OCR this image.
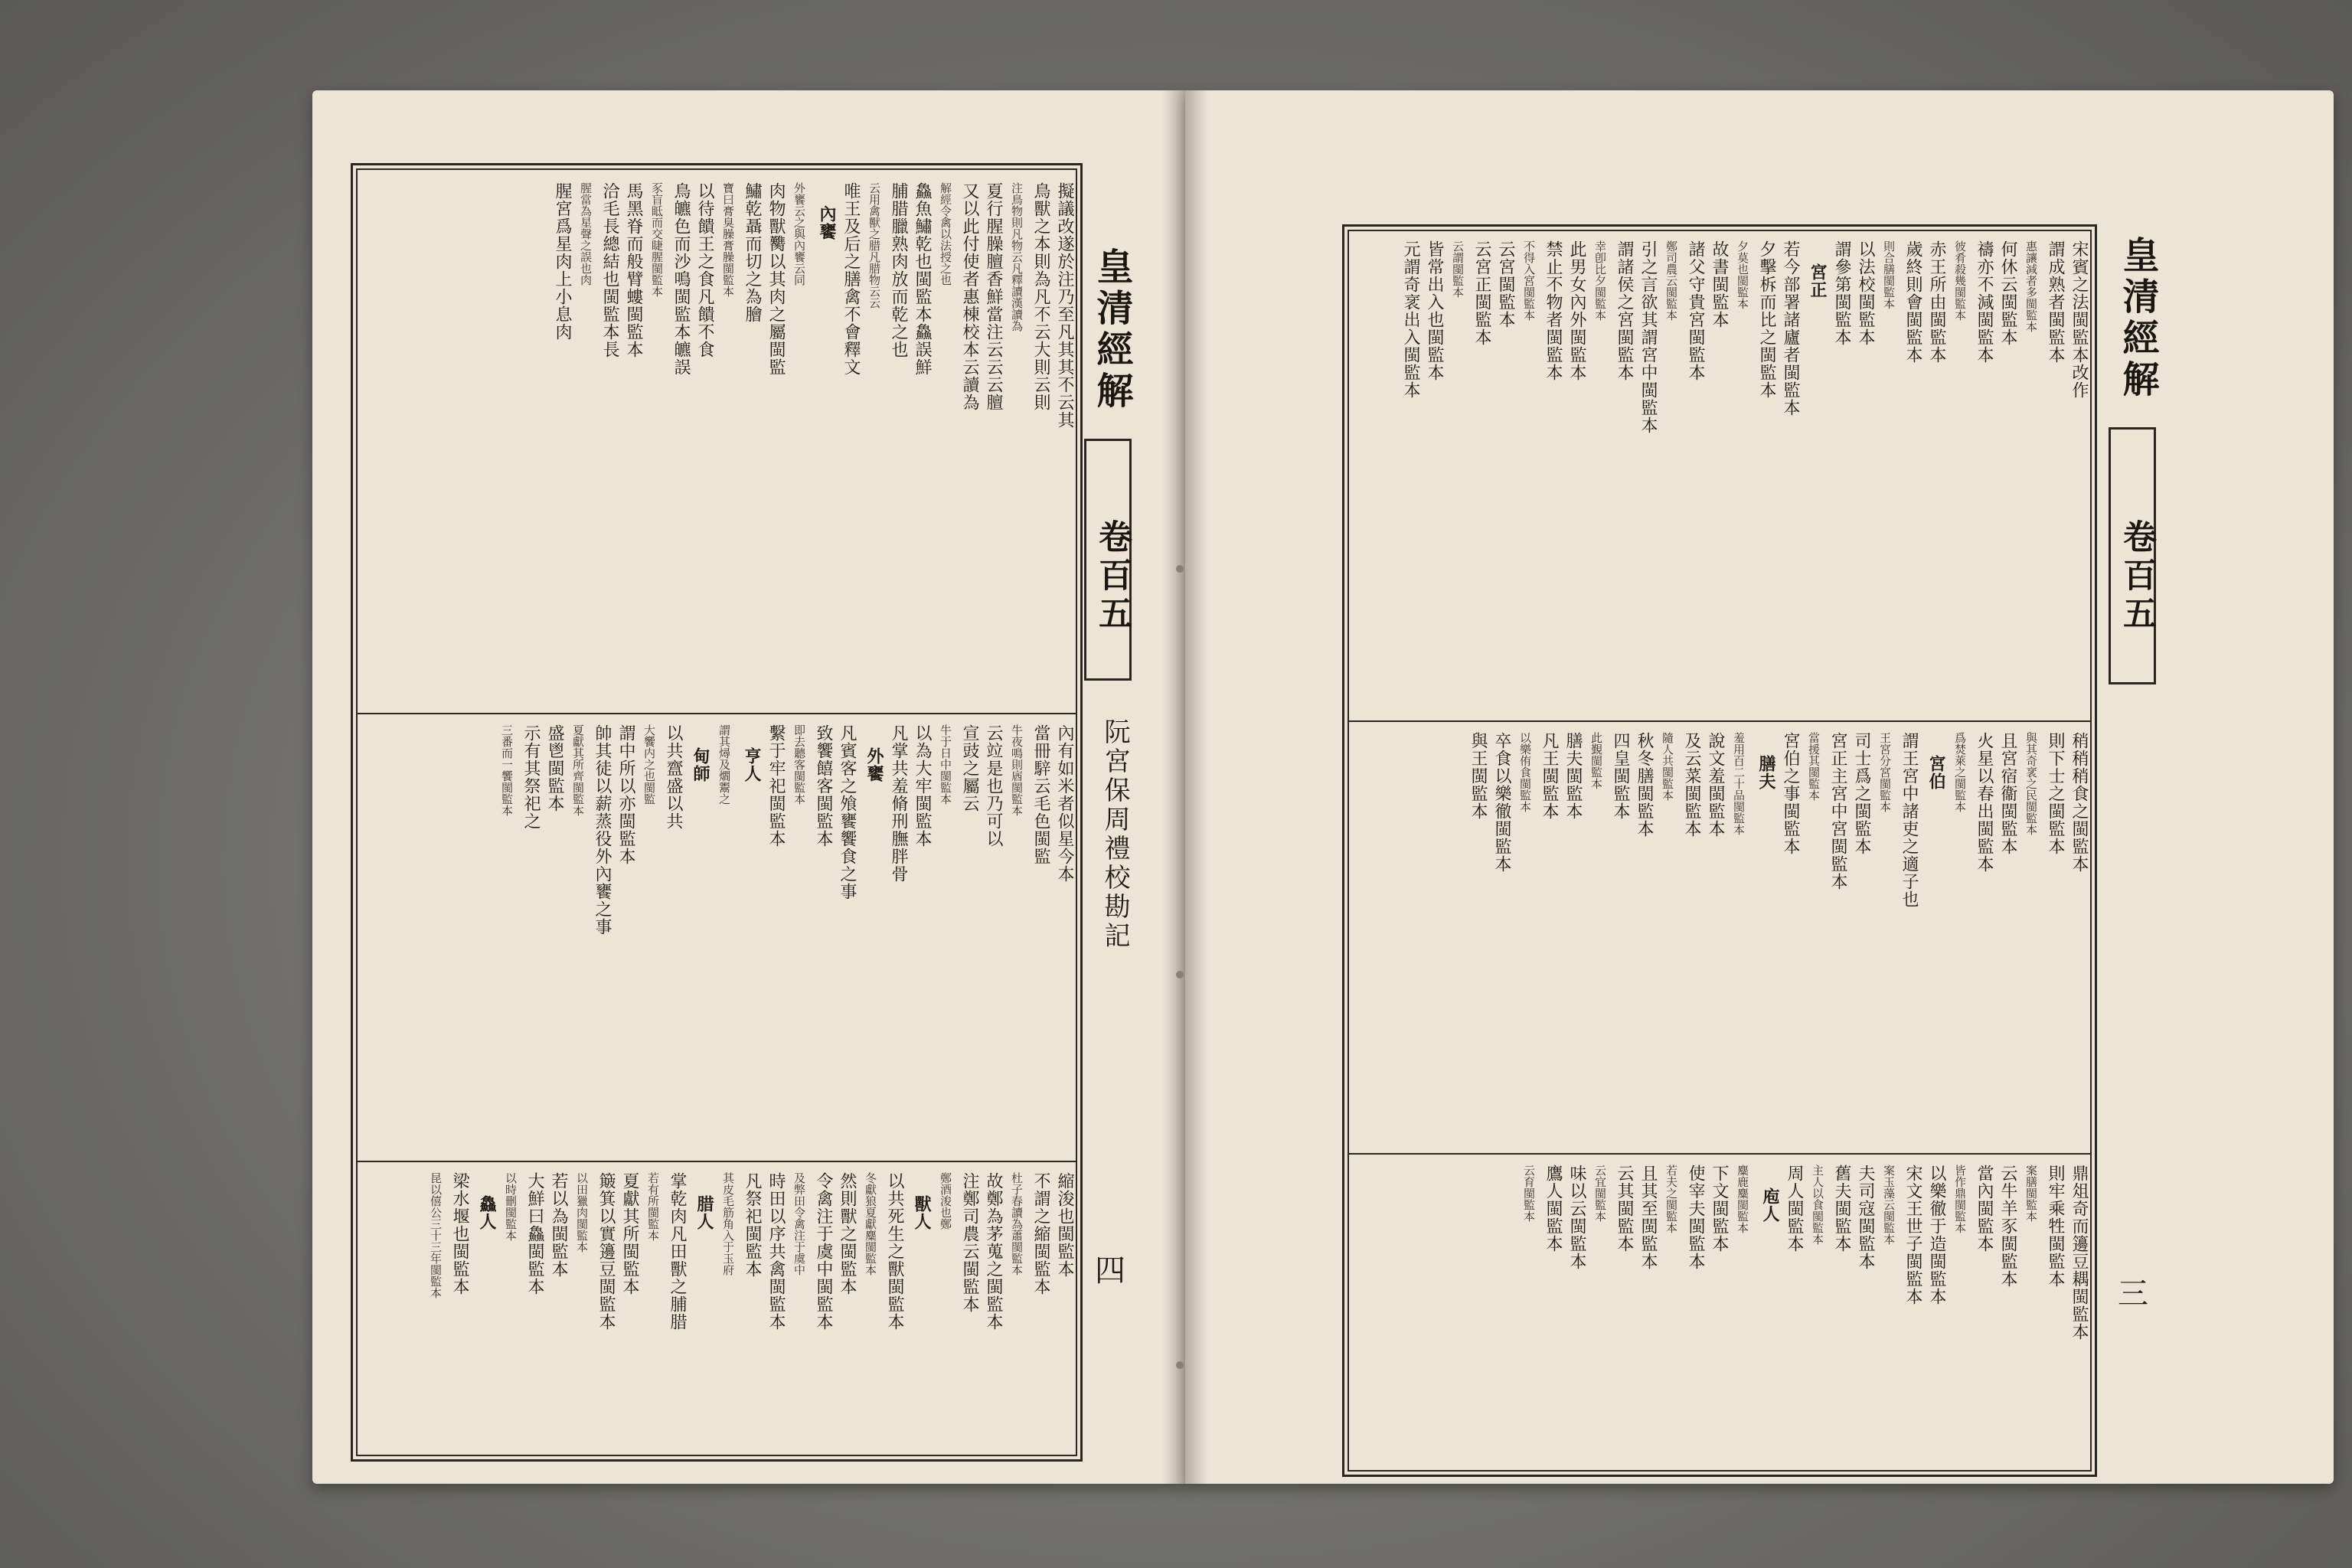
皇清經解
卷百五
阮宮保周禮校勘記
四
擬議改遂於注乃至凡其其不云其
鳥獸之本則為凡不云大則云則
注鳥物則凡物云凡釋讀漢讀為
夏行腥臊膻香鮮當注云云云膻
又以此付使者惠棟校本云讀為
解經令禽以法授之也
鱻魚鱐乾也閩監本鱻誤鮮
脯腊臘熟肉放而乾之也
云用禽獸之腊凡腊物云云
唯王及后之膳禽不會釋文
內饔
外饔云之與內饔云同
肉物獸臡以其肉之屬閩監
鱐乾聶而切之為膾
寶曰膏臭臊膏臊閩監本
以待饋王之食凡饋不食
鳥皫色而沙鳴閩監本皫誤
豕盲眡而交睫腥閩監本
馬黑脊而般臂螻閩監本
洽毛長總結也閩監本長
腥當為星聲之誤也肉
腥宮爲星肉上小息肉
內有如米者似星今本
當冊騂云毛色閩監
牛夜鳴則庮閩監本
云竝是也乃可以
宣豉之屬云
牛于日中閩監本
以為大牢閩監本
凡掌共羞脩刑膴胖骨
外饔
凡賓客之飧饔饗食之事
致饗饎客閩監本
即去聽客閩監本
繫于牢祀閩監本
亨人
謂其燖及爓鬻之
甸師
以共齍盛以共
大饗内之也閩監
謂中所以亦閩監本
帥其徒以薪蒸役外內饔之事
夏獻其所齊閩監本
盛鬯閩監本
示有其祭祀之
三番而一饗閩監本
縮浚也閩監本
不謂之縮閩監本
杜子春讀為蕭閩監本
故鄭為茅蒐之閩監本
注鄭司農云閩監本
鄭酒浚也鄭
獸人
以共死生之獸閩監本
冬獻狼夏獻麋閩監本
然則獸之閩監本
令禽注于虞中閩監本
及弊田令禽注于虞中
時田以序共禽閩監本
凡祭祀閩監本
其皮毛筋角入于玉府
腊人
掌乾肉凡田獸之脯腊
若有所閩監本
夏獻其所閩監本
簸箕以實籩豆閩監本
以田獵肉閩監本
若以為閩監本
大鮮曰鱻閩監本
以時刪閩監本
鱻人
梁水堰也閩監本
昆以僖公三十三年閩監本
宋賓之法閩監本改作
謂成熟者閩監本
惠讓減者多閩監本
何休云閩監本
禱亦不減閩監本
彼肴殺幾閩監本
赤王所由閩監本
歲終則會閩監本
則合膳閩監本
以法校閩監本
謂參第閩監本
宮正
若今部署諸廬者閩監本
夕擊柝而比之閩監本
夕莫也閩監本
故書閩監本
諸父守貴宮閩監本
鄭司農云閩監本
引之言欲其謂宮中閩監本
謂諸侯之宮閩監本
幸卽比夕閩監本
此男女內外閩監本
禁止不物者閩監本
不得入宮閩監本
云宮閩監本
云宮正閩監本
云謂閩監本
皆常出入也閩監本
元謂奇衺出入閩監本
稍稍稍食之閩監本
則下士之閩監本
與其奇衺之民閩監本
且宮宿衞閩監本
火星以春出閩監本
爲焚萊之閩監本
宮伯
謂王宮中諸吏之適子也
王宮分宮閩監本
司士爲之閩監本
宮正主宮中宮閩監本
當援其閩監本
宮伯之事閩監本
膳夫
羞用百二十品閩監本
說文羞閩監本
及云菜閩監本
隨人共閩監本
秋冬膳閩監本
四皇閩監本
此覲閩監本
膳夫閩監本
凡王閩監本
以樂侑食閩監本
卒食以樂徹閩監本
與王閩監本
鼎俎奇而籩豆耦閩監本
則牢乘牲閩監本
案膳閩監本
云牛羊豕閩監本
當內閩監本
皆作鼎閩監本
以樂徹于造閩監本
宋文王世子閩監本
案玉藻云閩監本
夫司寇閩監本
舊夫閩監本
主人以食閩監本
周人閩監本
庖人
麋鹿麋閩監本
下文閩監本
使宰夫閩監本
若夫之閩監本
且其至閩監本
云其閩監本
云宜閩監本
味以云閩監本
鷹人閩監本
云育閩監本
皇清經解
卷百五
三
